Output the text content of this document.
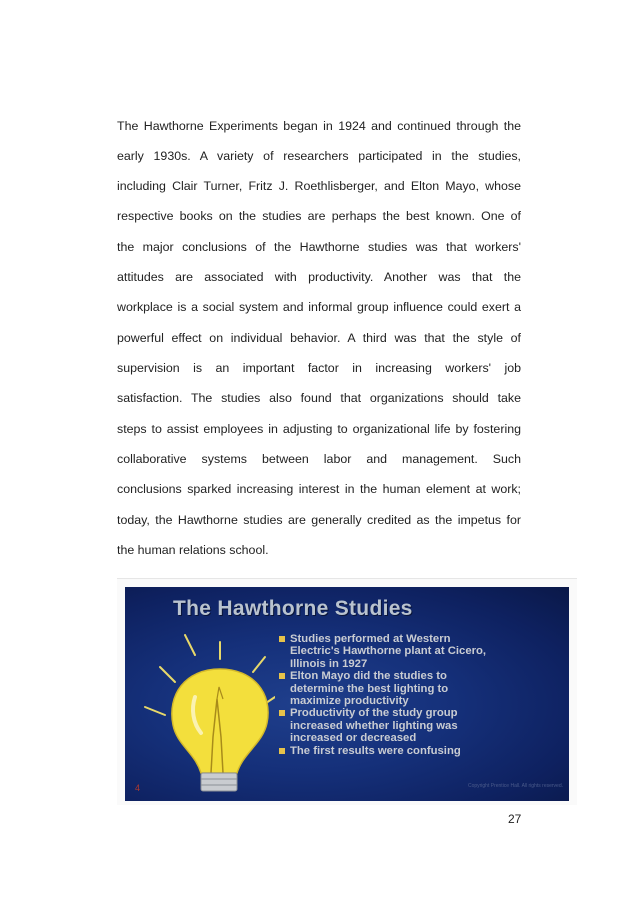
The Hawthorne Experiments began in 1924 and continued through the
early 1930s. A variety of researchers participated in the studies,
including Clair Turner, Fritz J. Roethlisberger, and Elton Mayo, whose
respective books on the studies are perhaps the best known. One of
the major conclusions of the Hawthorne studies was that workers'
attitudes are associated with productivity. Another was that the
workplace is a social system and informal group influence could exert a
powerful effect on individual behavior. A third was that the style of
supervision is an important factor in increasing workers' job
satisfaction. The studies also found that organizations should take
steps to assist employees in adjusting to organizational life by fostering
collaborative systems between labor and management. Such
conclusions sparked increasing interest in the human element at work;
today, the Hawthorne studies are generally credited as the impetus for
the human relations school.
The Hawthorne Studies
Studies performed at Western
Electric's Hawthorne plant at Cicero,
Illinois in 1927
Elton Mayo did the studies to
determine the best lighting to
maximize productivity
Productivity of the study group
increased whether lighting was
increased or decreased
The first results were confusing
4	Copyright Prentice Hall. All rights reserved.
27
